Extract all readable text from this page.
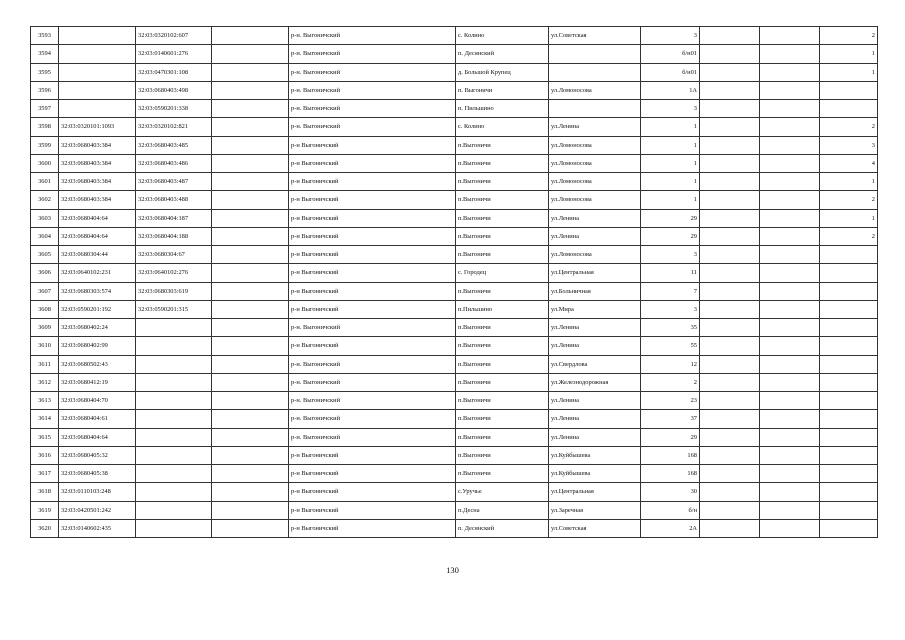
3593		32:03:0320102:607		р-н. Выгоничский	с. Колино	ул.Советская	3			2
3594		32:03:0140601:276		р-н. Выгоничский	п. Десянский		б/н01			1
3595		32:03:0470301:108		р-н. Выгоничский	д. Большой Крупец		б/н01			1
3596		32:03:0680403:498		р-н. Выгоничский	п. Выгоничи	ул.Ломоносова	1А			
3597		32:03:0590201:338		р-н. Выгоничский	п. Пильшино		3			
3598	32:03:0320101:1093	32:03:0320102:821		р-н. Выгоничский	с. Колино	ул.Ленина	1			2
3599	32:03:0680403:384	32:03:0680403:485		р-н Выгоничский	п.Выгоничи	ул.Ломоносова	1			3
3600	32:03:0680403:384	32:03:0680403:486		р-н Выгоничский	п.Выгоничи	ул.Ломоносова	1			4
3601	32:03:0680403:384	32:03:0680403:487		р-н Выгоничский	п.Выгоничи	ул.Ломоносова	1			1
3602	32:03:0680403:384	32:03:0680403:488		р-н Выгоничский	п.Выгоничи	ул.Ломоносова	1			2
3603	32:03:0680404:64	32:03:0680404:187		р-н Выгоничский	п.Выгоничи	ул.Ленина	29			1
3604	32:03:0680404:64	32:03:0680404:188		р-н Выгоничский	п.Выгоничи	ул.Ленина	29			2
3605	32:03:0680304:44	32:03:0680304:67		р-н Выгоничский	п.Выгоничи	ул.Ломоносова	3			
3606	32:03:0640102:231	32:03:0640102:276		р-н Выгоничский	с. Городец	ул.Центральная	11			
3607	32:03:0680303:574	32:03:0680303:619		р-н Выгоничский	п.Выгоничи	ул.Больничная	7			
3608	32:03:0590201:192	32:03:0590201:315		р-н Выгоничский	п.Пильшино	ул.Мира	3			
3609	32:03:0680402:24			р-н. Выгоничский	п.Выгоничи	ул.Ленина	35			
3610	32:03:0680402:99			р-н Выгоничский	п.Выгоничи	ул.Ленина	55			
3611	32:03:0680502:43			р-н. Выгоничский	п.Выгоничи	ул.Свердлова	12			
3612	32:03:0680412:19			р-н. Выгоничский	п.Выгоничи	ул.Железнодорожная	2			
3613	32:03:0680404:70			р-н. Выгоничский	п.Выгоничи	ул.Ленина	23			
3614	32:03:0680404:61			р-н. Выгоничский	п.Выгоничи	ул.Ленина	37			
3615	32:03:0680404:64			р-н. Выгоничский	п.Выгоничи	ул.Ленина	29			
3616	32:03:0680405:32			р-н Выгоничский	п.Выгоничи	ул.Куйбышева	168			
3617	32:03:0680405:38			р-н Выгоничский	п.Выгоничи	ул.Куйбышева	168			
3618	32:03:0110103:248			р-н Выгоничский	с.Уручье	ул.Центральная	30			
3619	32:03:0420501:242			р-н Выгоничский	п.Десна	ул.Заречная	б/н			
3620	32:03:0140602:435			р-н Выгоничский	п. Десянский	ул.Советская	2А			
130
